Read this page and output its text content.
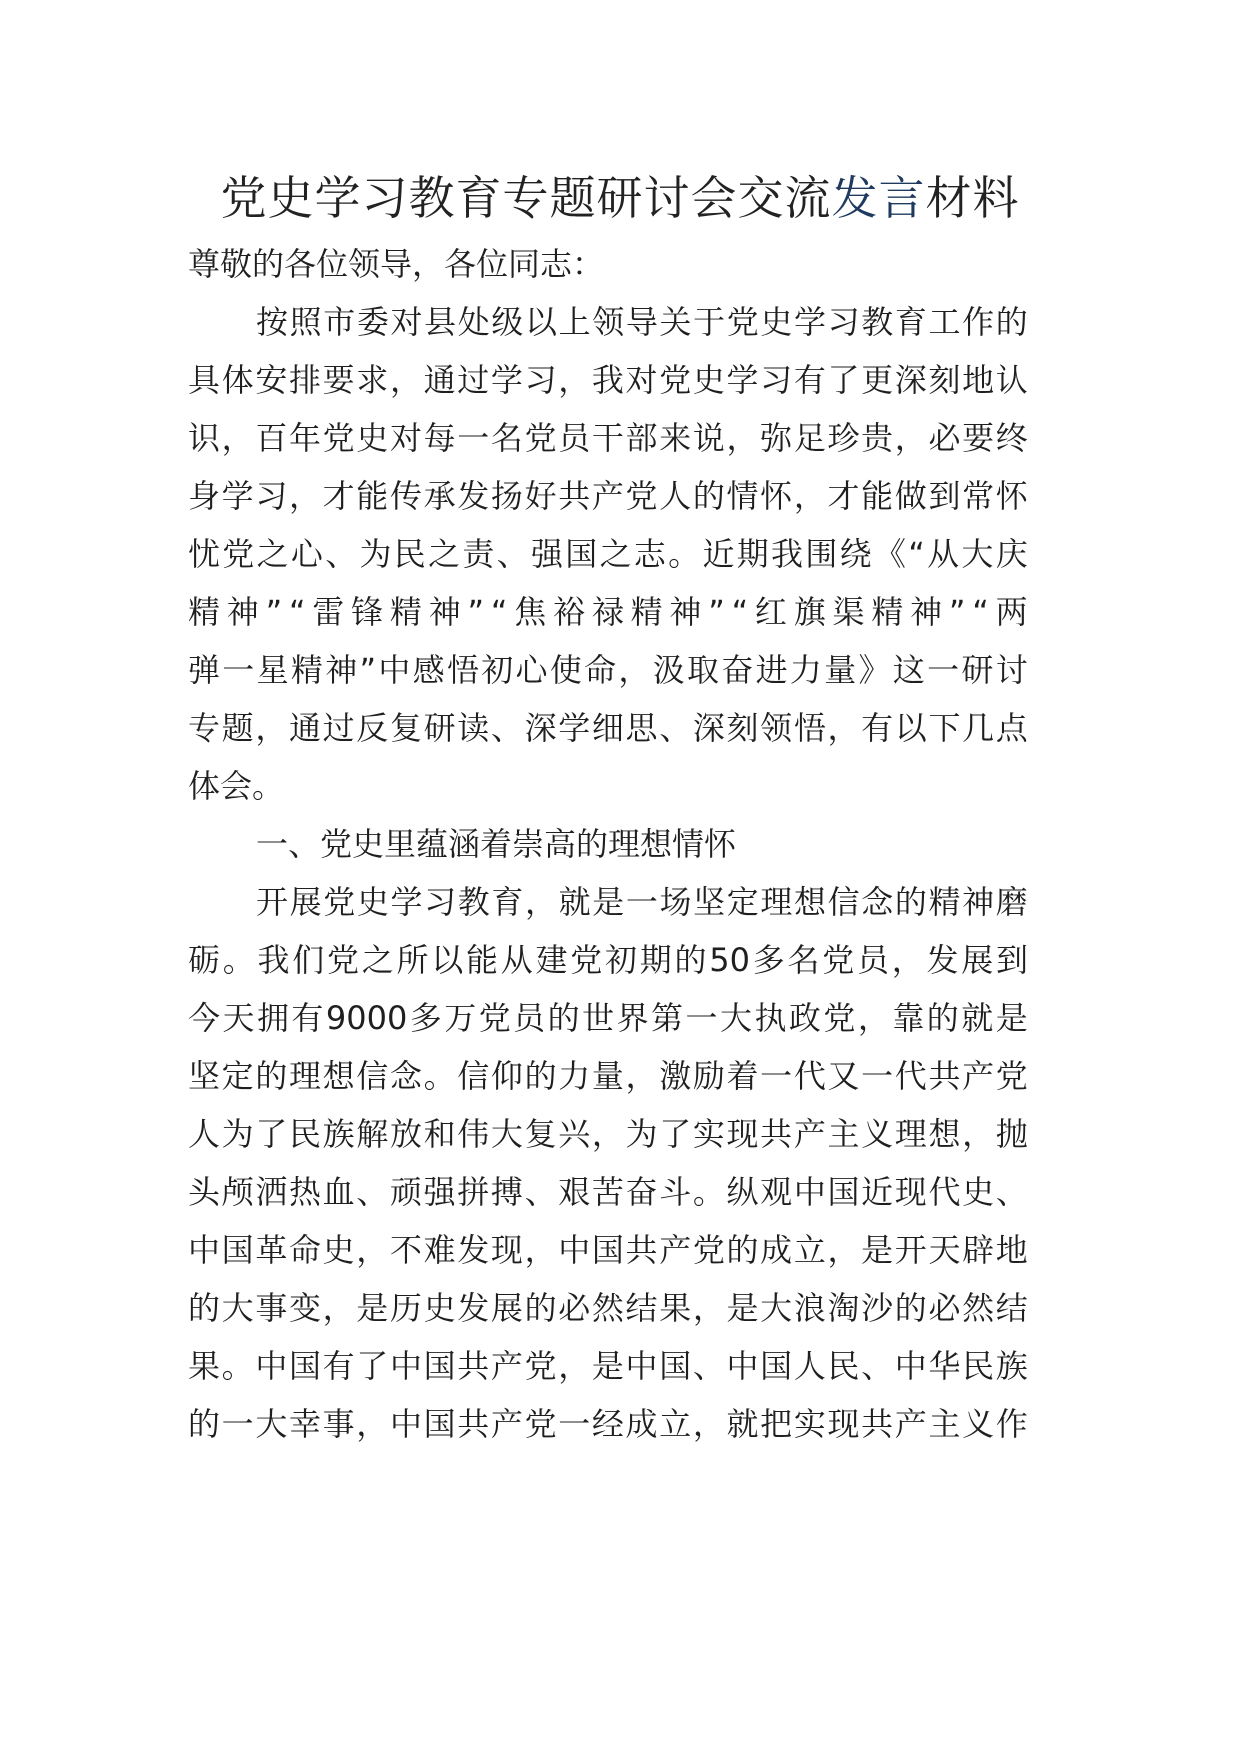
党史学习教育专题研讨会交流发言材料
尊敬的各位领导，各位同志：
按 照 市 委 对 县 处 级 以 上 领 导 关 于 党 史 学 习 教 育 工 作 的
具 体 安 排 要 求 ， 通 过 学 习 ， 我 对 党 史 学 习 有 了 更 深 刻 地 认
识 ， 百 年 党 史 对 每 一 名 党 员 干 部 来 说 ， 弥 足 珍 贵 ， 必 要 终
身 学 习 ， 才 能 传 承 发 扬 好 共 产 党 人 的 情 怀 ， 才 能 做 到 常 怀
忧 党 之 心 、 为 民 之 责 、 强 国 之 志 。 近 期 我 围 绕 《 “ 从 大 庆
精 神 ” “ 雷 锋 精 神 ” “ 焦 裕 禄 精 神 ” “ 红 旗 渠 精 神 ” “ 两
弹 一 星 精 神 ” 中 感 悟 初 心 使 命 ， 汲 取 奋 进 力 量 》 这 一 研 讨
专 题 ， 通 过 反 复 研 读 、 深 学 细 思 、 深 刻 领 悟 ， 有 以 下 几 点
体会。
一、党史里蕴涵着崇高的理想情怀
开 展 党 史 学 习 教 育 ， 就 是 一 场 坚 定 理 想 信 念 的 精 神 磨
砺 。 我 们 党 之 所 以 能 从 建 党 初 期 的 50 多 名 党 员 ， 发 展 到
今 天 拥 有 9000 多 万 党 员 的 世 界 第 一 大 执 政 党 ， 靠 的 就 是
坚 定 的 理 想 信 念 。 信 仰 的 力 量 ， 激 励 着 一 代 又 一 代 共 产 党
人 为 了 民 族 解 放 和 伟 大 复 兴 ， 为 了 实 现 共 产 主 义 理 想 ， 抛
头 颅 洒 热 血 、 顽 强 拼 搏 、 艰 苦 奋 斗 。 纵 观 中 国 近 现 代 史 、
中 国 革 命 史 ， 不 难 发 现 ， 中 国 共 产 党 的 成 立 ， 是 开 天 辟 地
的 大 事 变 ， 是 历 史 发 展 的 必 然 结 果 ， 是 大 浪 淘 沙 的 必 然 结
果 。 中 国 有 了 中 国 共 产 党 ， 是 中 国 、 中 国 人 民 、 中 华 民 族
的 一 大 幸 事 ， 中 国 共 产 党 一 经 成 立 ， 就 把 实 现 共 产 主 义 作
